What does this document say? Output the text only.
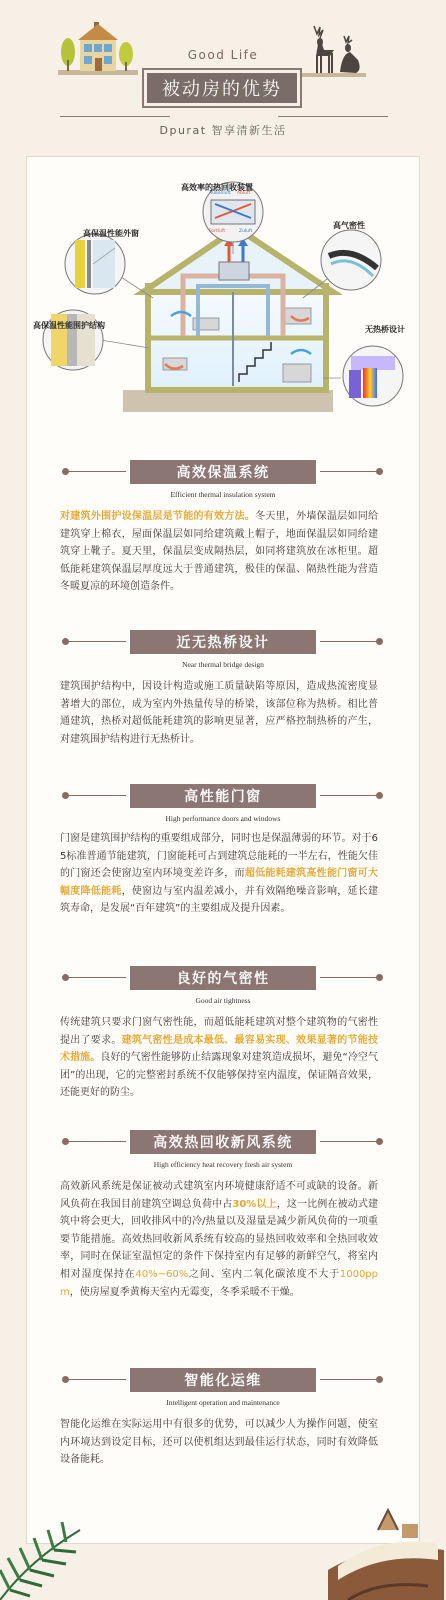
Good Life
被动房的优势
Dpurat 智享清新生活
Außenluft Abluft
Fortluft	Zuluft
高效率的热回收装置
高保温性能外窗
高气密性
高保温性能围护结构	无热桥设计
高效保温系统
Efficient thermal insulation system
对建筑外围护设保温层是节能的有效方法。冬天里，外墙保温层如同给建筑穿上棉衣，屋面保温层如同给建筑戴上帽子，地面保温层如同给建筑穿上靴子。夏天里，保温层变成隔热层，如同将建筑放在冰柜里。超低能耗建筑保温层厚度远大于普通建筑，极佳的保温、隔热性能为营造冬暖夏凉的环境创造条件。
近无热桥设计
Near thermal bridge design
建筑围护结构中，因设计构造或施工质量缺陷等原因，造成热流密度显著增大的部位，成为室内外热量传导的桥梁，该部位称为热桥。相比普通建筑，热桥对超低能耗建筑的影响更显著，应严格控制热桥的产生，对建筑围护结构进行无热桥计。
高性能门窗
High performance doors and windows
门窗是建筑围护结构的重要组成部分，同时也是保温薄弱的环节。对于65标准普通节能建筑，门窗能耗可占到建筑总能耗的一半左右，性能欠佳的门窗还会使窗边室内环境变差许多，而超低能耗建筑高性能门窗可大幅度降低能耗，使窗边与室内温差减小，并有效隔绝噪音影响，延长建筑寿命，是发展“百年建筑”的主要组成及提升因素。
良好的气密性
Good air tightness
传统建筑只要求门窗气密性能，而超低能耗建筑对整个建筑物的气密性提出了要求。建筑气密性是成本最低、最容易实现、效果显著的节能技术措施。良好的气密性能够防止结露现象对建筑造成损坏，避免“冷空气团”的出现，它的完整密封系统不仅能够保持室内温度，保证隔音效果，还能更好的防尘。
高效热回收新风系统
High efficiency heat recovery fresh air system
高效新风系统是保证被动式建筑室内环境健康舒适不可或缺的设备。新风负荷在我国目前建筑空调总负荷中占30%以上，这一比例在被动式建筑中将会更大，回收排风中的冷/热量以及湿量是减少新风负荷的一项重要节能措施。高效热回收新风系统有较高的显热回收效率和全热回收效率，同时在保证室温恒定的条件下保持室内有足够的新鲜空气，将室内相对湿度保持在40%~60%之间、室内二氧化碳浓度不大于1000ppm，使房屋夏季黄梅天室内无霉变，冬季采暖不干燥。
智能化运维
Intelligent operation and maintenance
智能化运维在实际运用中有很多的优势，可以减少人为操作问题，使室内环境达到设定目标，还可以使机组达到最佳运行状态，同时有效降低设备能耗。
